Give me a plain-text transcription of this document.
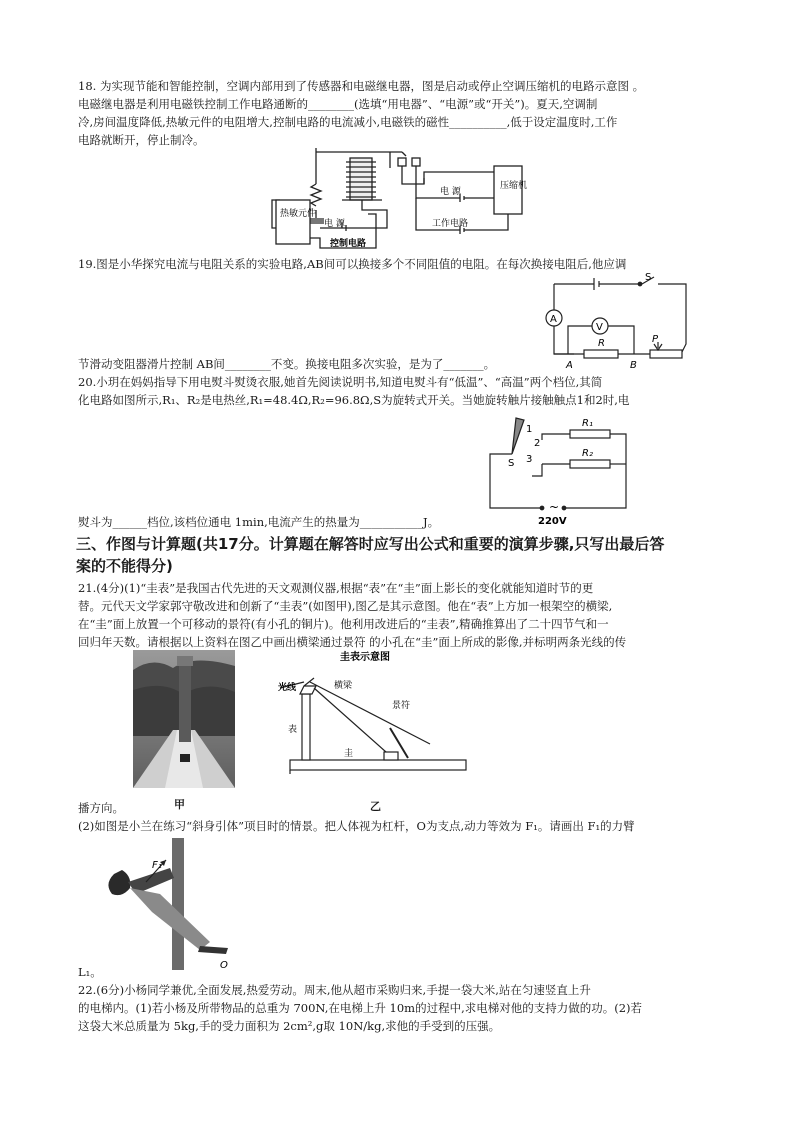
18. 为实现节能和智能控制，空调内部用到了传感器和电磁继电器，图是启动或停止空调压缩机的电路示意图 。
电磁继电器是利用电磁铁控制工作电路通断的________(选填“用电器”、“电源”或“开关”)。夏天,空调制
冷,房间温度降低,热敏元件的电阻增大,控制电路的电流减小,电磁铁的磁性__________,低于设定温度时,工作
电路就断开，停止制冷。
热敏元件
电 源
控制电路
电 源
压缩机
工作电路
19.图是小华探究电流与电阻关系的实验电路,AB间可以换接多个不同阻值的电阻。在每次换接电阻后,他应调
S
A
V
R	P
A	B
节滑动变阻器滑片控制 AB间________不变。换接电阻多次实验，是为了_______。
20.小玥在妈妈指导下用电熨斗熨烫衣服,她首先阅读说明书,知道电熨斗有“低温”、“高温”两个档位,其简
化电路如图所示,R₁、R₂是电热丝,R₁=48.4Ω,R₂=96.8Ω,S为旋转式开关。当她旋转触片接触触点1和2时,电
1
2
3
S
R₁
R₂
~
220V
熨斗为______档位,该档位通电 1min,电流产生的热量为___________J。
三、作图与计算题(共17分。计算题在解答时应写出公式和重要的演算步骤,只写出最后答
案的不能得分)
21.(4分)(1)“圭表”是我国古代先进的天文观测仪器,根据“表”在“圭”面上影长的变化就能知道时节的更
替。元代天文学家郭守敬改进和创新了“圭表”(如图甲),图乙是其示意图。他在“表”上方加一根架空的横梁,
在“圭”面上放置一个可移动的景符(有小孔的铜片)。他利用改进后的“圭表”,精确推算出了二十四节气和一
回归年天数。请根据以上资料在图乙中画出横梁通过景符 的小孔在“圭”面上所成的影像,并标明两条光线的传
甲
圭表示意图
光线	横梁
景符
表
圭
乙
播方向。
(2)如图是小兰在练习“斜身引体”项目时的情景。把人体视为杠杆，O为支点,动力等效为 F₁。请画出 F₁的力臂
F₁
O
L₁。
22.(6分)小杨同学兼优,全面发展,热爱劳动。周末,他从超市采购归来,手提一袋大米,站在匀速竖直上升
的电梯内。(1)若小杨及所带物品的总重为 700N,在电梯上升 10m的过程中,求电梯对他的支持力做的功。(2)若
这袋大米总质量为 5kg,手的受力面积为 2cm²,g取 10N/kg,求他的手受到的压强。
